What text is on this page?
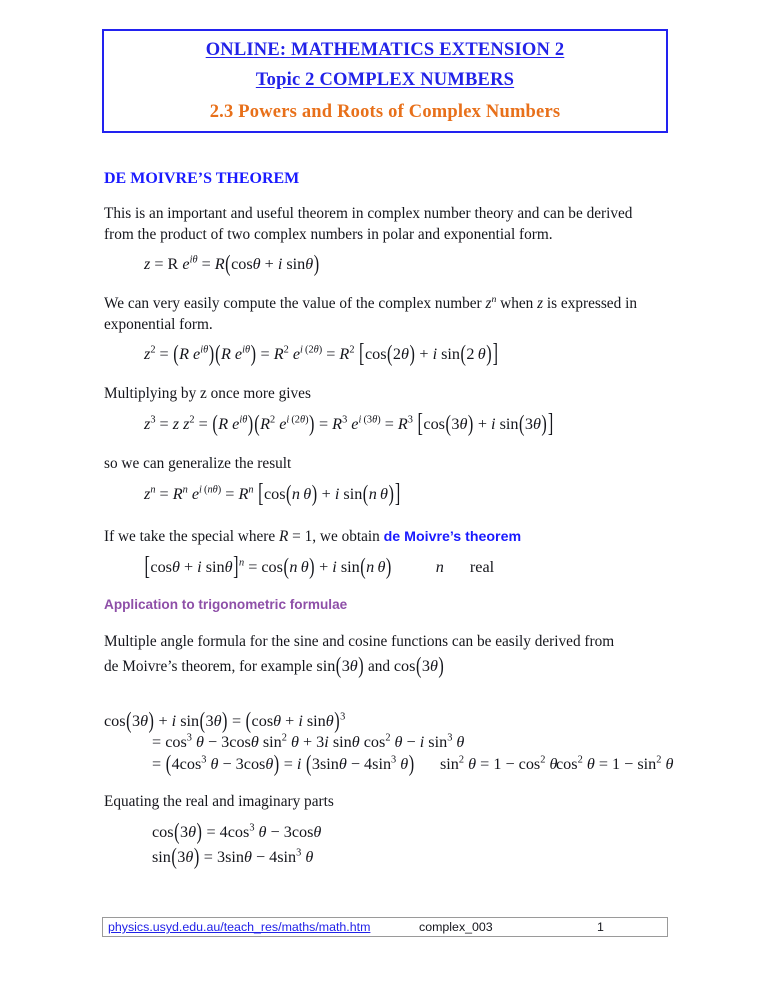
ONLINE: MATHEMATICS EXTENSION 2
Topic 2 COMPLEX NUMBERS
2.3 Powers and Roots of Complex Numbers
DE MOIVRE’S THEOREM
This is an important and useful theorem in complex number theory and can be derived
from the product of two complex numbers in polar and exponential form.
z = R $e^{i\theta} = R(\cos\theta + i$ sinθ)
We can very easily compute the value of the complex number $z^n$ when z is expressed in
exponential form.
$z^2 = (R$ $e^{i\theta})(R$ $e^{i\theta}) = R^2$ $e^{i (2\theta)} = R^2$ [cos(2θ) + i sin(2 θ)]
Multiplying by z once more gives
$z^3 = z$ $z^2 = (R$ $e^{i\theta})(R^2$ $e^{i (2\theta)}) = R^3$ $e^{i (3\theta)} = R^3$ [cos(3θ) + i sin(3θ)]
so we can generalize the result
$z^n = R^n$ $e^{i (n\theta)} = R^n$ [cos(n  θ) + i sin(n  θ)]
If we take the special where R = 1, we obtain de Moivre’s theorem
[cosθ + i sinθ]$^n$ = cos(n  θ) + i sin(n  θ)	n real
Application to trigonometric formulae
Multiple angle formula for the sine and cosine functions can be easily derived from
de Moivre’s theorem, for example sin(3θ) and cos(3θ)
cos(3θ) + i sin(3θ) = (cosθ + i sinθ)$^3$
= $\cos^3 \theta - 3\cos\theta$ $\sin^2 \theta + 3i$ sinθ $\cos^2 \theta - i$ $\sin^3 \theta$
= ($4\cos^3$ θ − 3cosθ) = i ($3\sin\theta - 4\sin^3$ θ) $\sin^2 \theta = 1 - \cos^2 \theta$
$\cos^2 \theta = 1 - \sin^2 \theta$
Equating the real and imaginary parts
$\cos(3\theta) = 4\cos^3$ θ − 3cosθ
$\sin(3\theta) = 3\sin\theta - 4\sin^3$ θ
physics.usyd.edu.au/teach_res/maths/math.htm	complex_003	1
